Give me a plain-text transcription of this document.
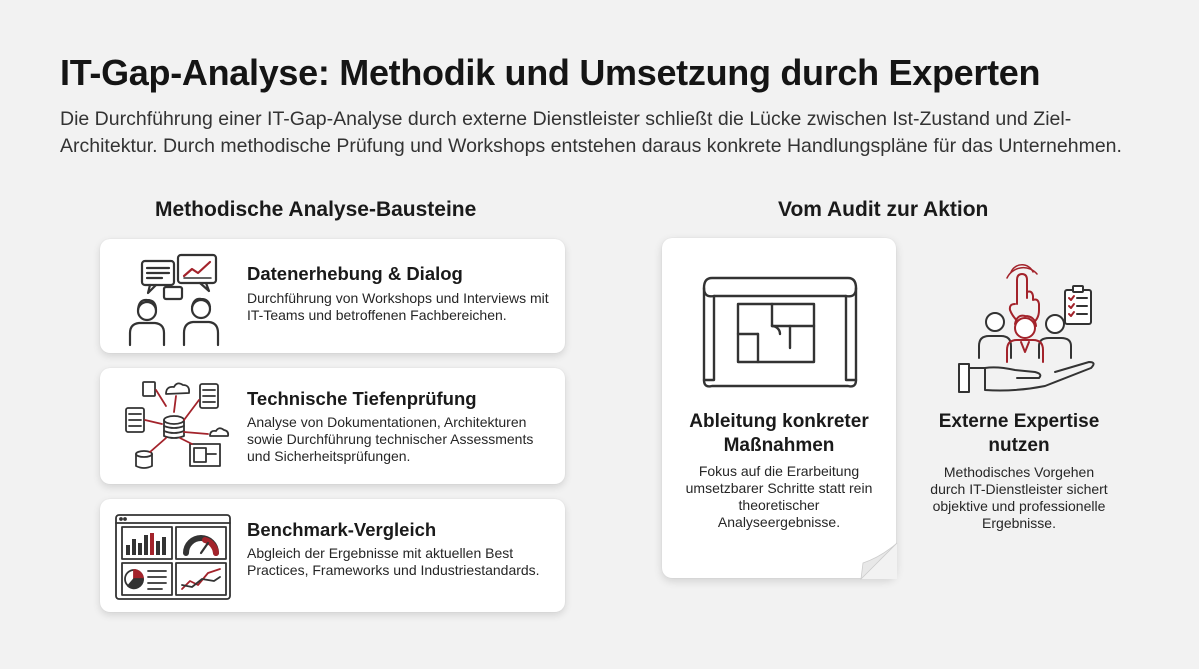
IT-Gap-Analyse: Methodik und Umsetzung durch Experten
Die Durchführung einer IT-Gap-Analyse durch externe Dienstleister schließt die Lücke zwischen Ist-Zustand und Ziel-Architektur. Durch methodische Prüfung und Workshops entstehen daraus konkrete Handlungspläne für das Unternehmen.
Methodische Analyse-Bausteine	Vom Audit zur Aktion
Datenerhebung & Dialog
Durchführung von Workshops und Interviews mit IT-Teams und betroffenen Fachbereichen.
Technische Tiefenprüfung
Analyse von Dokumentationen, Architekturen sowie Durchführung technischer Assessments und Sicherheitsprüfungen.
Benchmark-Vergleich
Abgleich der Ergebnisse mit aktuellen Best Practices, Frameworks und Industriestandards.
Ableitung konkreter Maßnahmen
Fokus auf die Erarbeitung umsetzbarer Schritte statt rein theoretischer Analyseergebnisse.
Externe Expertise nutzen
Methodisches Vorgehen durch IT-Dienstleister sichert objektive und professionelle Ergebnisse.
